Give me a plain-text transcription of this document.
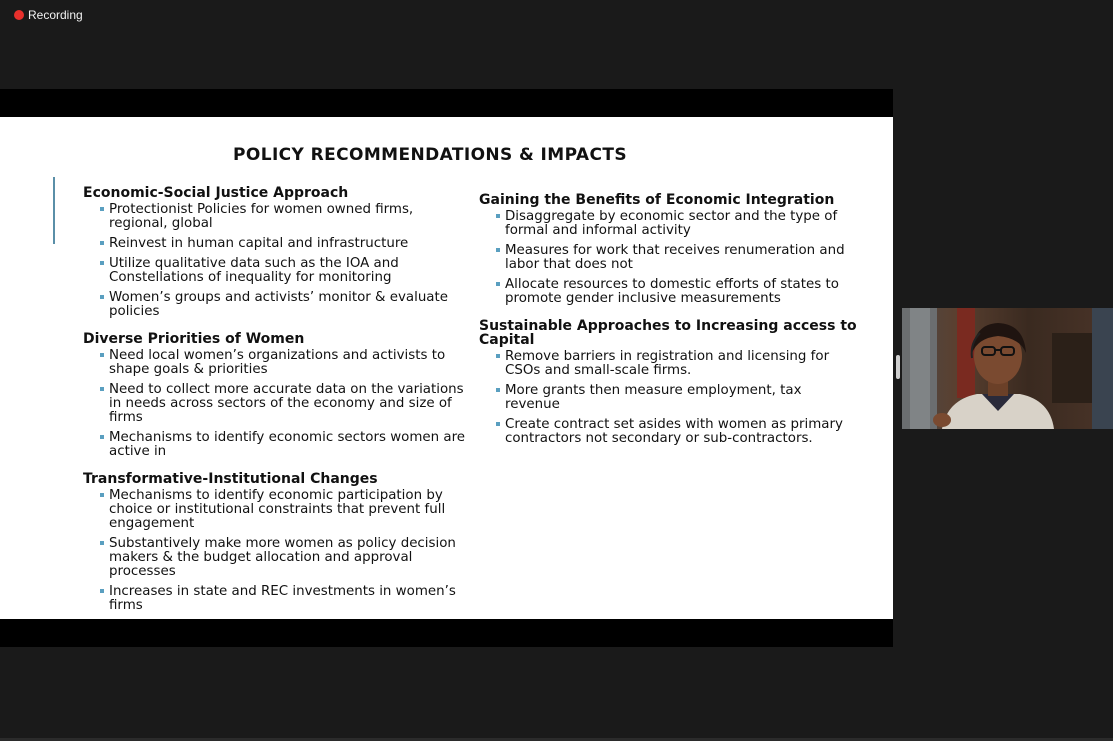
Recording
POLICY RECOMMENDATIONS & IMPACTS
Economic-Social Justice Approach
Protectionist Policies for women owned firms, regional, global
Reinvest in human capital and infrastructure
Utilize qualitative data such as the IOA and Constellations of inequality for monitoring
Women’s groups and activists’ monitor & evaluate policies
Diverse Priorities of Women
Need local women’s organizations and activists to shape goals & priorities
Need to collect more accurate data on the variations in needs across sectors of the economy and size of firms
Mechanisms to identify economic sectors women are active in
Transformative-Institutional Changes
Mechanisms to identify economic participation by choice or institutional constraints that prevent full engagement
Substantively make more women as policy decision makers & the budget allocation and approval processes
Increases in state and REC investments in women’s firms
Gaining the Benefits of Economic Integration
Disaggregate by economic sector and the type of formal and informal activity
Measures for work that receives renumeration and labor that does not
Allocate resources to domestic efforts of states to promote gender inclusive measurements
Sustainable Approaches to Increasing access to Capital
Remove barriers in registration and licensing for CSOs and small-scale firms.
More grants then measure employment, tax revenue
Create contract set asides with women as primary contractors not secondary or sub-contractors.
